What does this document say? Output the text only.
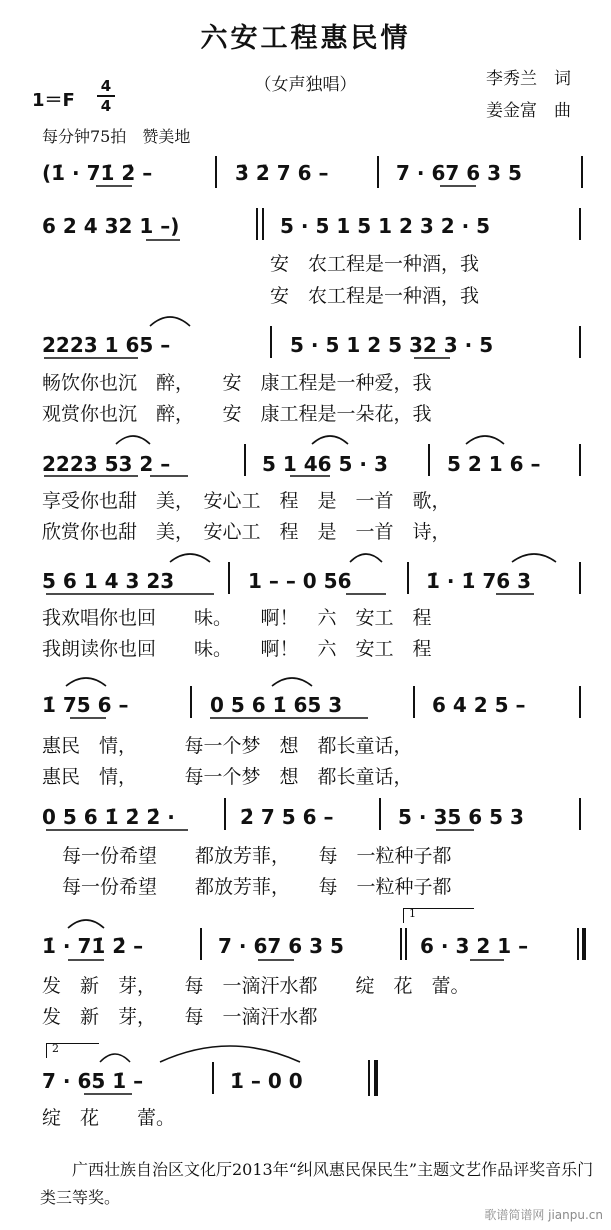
六安工程惠民情
（女声独唱）	李秀兰　词
姜金富　曲
1＝F
4
4
每分钟75拍　赞美地
(1̇ · 71̇ 2̇ –	3̇ 2̇ 7 6 –	7 · 67 6 3 5
6 2 4 32 1 –)	5 · 5 1 5 1 2 3 2 · 5
安　农工程是一种酒，我
安　农工程是一种酒，我
2223 1 65 –	5 · 5 1 2 5 32 3 · 5
畅饮你也沉　醉，　　安　康工程是一种爱，我
观赏你也沉　醉，　　安　康工程是一朵花，我
2223 53 2 –	5 1 46 5 · 3	5 2 1 6 –
享受你也甜　美，　安心工　程　是　一首　歌，
欣赏你也甜　美，　安心工　程　是　一首　诗，
5 6 1 4 3 23	1 – – 0 56	1̇ · 1̇ 76 3
我欢唱你也回　　味。　　啊！　六　安工　程
我朗读你也回　　味。　　啊！　六　安工　程
1̇ 75 6 –	0 5 6 1̇ 65 3	6 4 2 5 –
惠民　情，　　　每一个梦　想　都长童话，
惠民　情，　　　每一个梦　想　都长童话，
0 5 6 1̇ 2̇ 2̇ ·	2̇ 7 5 6 –	5 · 35 6 5 3
每一份希望　　都放芳菲，　　每　一粒种子都
每一份希望　　都放芳菲，　　每　一粒种子都
1̇ · 71̇ 2̇ –	7 · 67 6 3 5	6 · 3 2 1 –
1
发　新　芽，　　每　一滴汗水都　　绽　花　蕾。
发　新　芽，　　每　一滴汗水都
2
7 · 65 1̇ –	1̇ – 0 0
绽　花　　蕾。
广西壮族自治区文化厅2013年“纠风惠民保民生”主题文艺作品评奖音乐门类三等奖。
歌谱简谱网 jianpu.cn
